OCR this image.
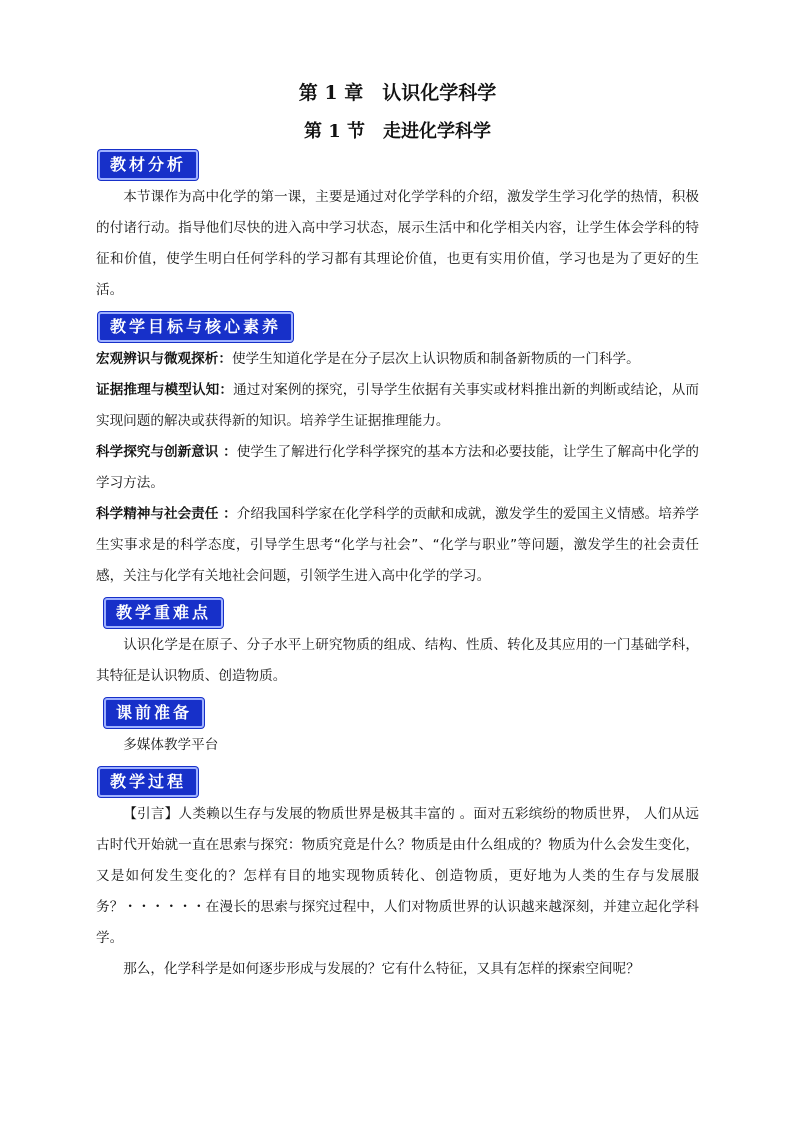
第 1 章　认识化学科学
第 1 节　走进化学科学
教材分析

本节课作为高中化学的第一课，主要是通过对化学学科的介绍，激发学生学习化学的热情，积极的付诸行动。指导他们尽快的进入高中学习状态，展示生活中和化学相关内容，让学生体会学科的特征和价值，使学生明白任何学科的学习都有其理论价值，也更有实用价值，学习也是为了更好的生活。

教学目标与核心素养

宏观辨识与微观探析：使学生知道化学是在分子层次上认识物质和制备新物质的一门科学。

证据推理与模型认知：通过对案例的探究，引导学生依据有关事实或材料推出新的判断或结论，从而实现问题的解决或获得新的知识。培养学生证据推理能力。

科学探究与创新意识 ：使学生了解进行化学科学探究的基本方法和必要技能，让学生了解高中化学的学习方法。

科学精神与社会责任 ：介绍我国科学家在化学科学的贡献和成就，激发学生的爱国主义情感。培养学生实事求是的科学态度，引导学生思考“化学与社会”、“化学与职业”等问题，激发学生的社会责任感，关注与化学有关地社会问题，引领学生进入高中化学的学习。

教学重难点

认识化学是在原子、分子水平上研究物质的组成、结构、性质、转化及其应用的一门基础学科，其特征是认识物质、创造物质。

课前准备

多媒体教学平台

教学过程

【引言】人类赖以生存与发展的物质世界是极其丰富的 。面对五彩缤纷的物质世界， 人们从远古时代开始就一直在思索与探究：物质究竟是什么？物质是由什么组成的？物质为什么会发生变化，又是如何发生变化的？怎样有目的地实现物质转化、创造物质，更好地为人类的生存与发展服务？・・・・・・在漫长的思索与探究过程中，人们对物质世界的认识越来越深刻，并建立起化学科学。

那么，化学科学是如何逐步形成与发展的？它有什么特征，又具有怎样的探索空间呢？
